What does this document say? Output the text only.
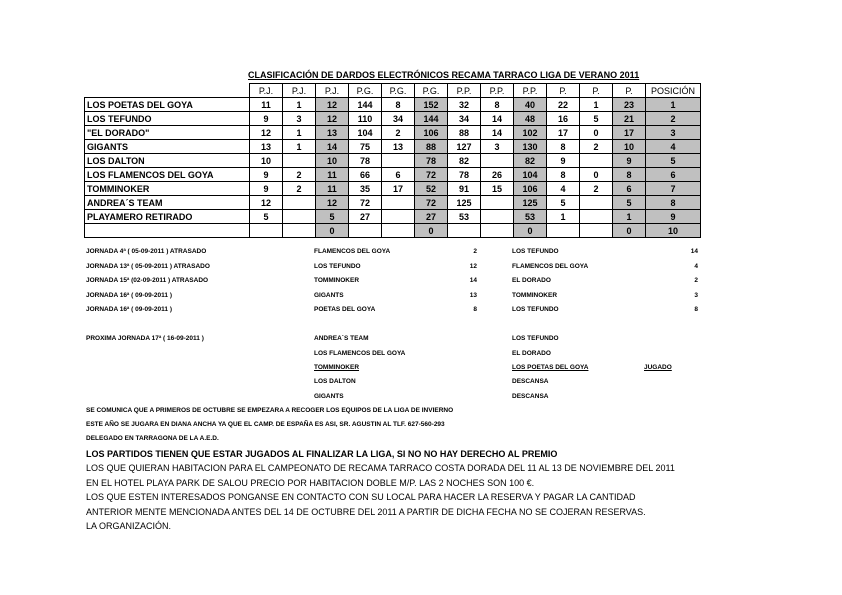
CLASIFICACIÓN DE DARDOS ELECTRÓNICOS RECAMA TARRACO LIGA DE VERANO 2011
	P.J.	P.J.	P.J.	P.G.	P.G.	P.G.	P.P.	P.P.	P.P.	P.	P.	P.	POSICIÓN
LOS POETAS DEL GOYA	11	1	12	144	8	152	32	8	40	22	1	23	1
LOS TEFUNDO	9	3	12	110	34	144	34	14	48	16	5	21	2
"EL DORADO"	12	1	13	104	2	106	88	14	102	17	0	17	3
GIGANTS	13	1	14	75	13	88	127	3	130	8	2	10	4
LOS DALTON	10		10	78		78	82		82	9		9	5
LOS FLAMENCOS DEL GOYA	9	2	11	66	6	72	78	26	104	8	0	8	6
TOMMINOKER	9	2	11	35	17	52	91	15	106	4	2	6	7
ANDREA´S TEAM	12		12	72		72	125		125	5		5	8
PLAYAMERO RETIRADO	5		5	27		27	53		53	1		1	9
			0			0			0			0	10
JORNADA 4ª ( 05-09-2011 ) ATRASADO	FLAMENCOS DEL GOYA	2	LOS TEFUNDO	14
JORNADA 13ª ( 05-09-2011 ) ATRASADO	LOS TEFUNDO	12	FLAMENCOS DEL GOYA	4
JORNADA 15ª (02-09-2011 ) ATRASADO	TOMMINOKER	14	EL DORADO	2
JORNADA 16ª ( 09-09-2011 )	GIGANTS	13	TOMMINOKER	3
JORNADA 16ª ( 09-09-2011 )	POETAS DEL GOYA	8	LOS TEFUNDO	8
PROXIMA JORNADA 17ª ( 16-09-2011 )	ANDREA´S TEAM	LOS TEFUNDO
LOS FLAMENCOS DEL GOYA	EL DORADO
TOMMINOKER	LOS POETAS DEL GOYA	JUGADO
LOS DALTON	DESCANSA
GIGANTS	DESCANSA
SE COMUNICA QUE A PRIMEROS DE OCTUBRE SE EMPEZARA A RECOGER LOS EQUIPOS DE LA LIGA DE INVIERNO
ESTE AÑO SE JUGARA EN DIANA ANCHA YA QUE EL CAMP. DE ESPAÑA ES ASI, SR. AGUSTIN AL TLF. 627-560-293
DELEGADO EN TARRAGONA DE LA A.E.D.
LOS PARTIDOS TIENEN QUE ESTAR JUGADOS AL FINALIZAR LA LIGA, SI NO NO HAY DERECHO AL PREMIO
LOS QUE QUIERAN HABITACION PARA EL CAMPEONATO DE RECAMA TARRACO COSTA DORADA DEL 11 AL 13 DE NOVIEMBRE DEL 2011
EN EL HOTEL PLAYA PARK DE SALOU PRECIO POR HABITACION DOBLE M/P. LAS 2 NOCHES SON 100 €.
LOS QUE ESTEN INTERESADOS PONGANSE EN CONTACTO CON SU LOCAL PARA HACER LA RESERVA Y PAGAR LA CANTIDAD
ANTERIOR MENTE MENCIONADA ANTES DEL 14 DE OCTUBRE DEL 2011 A PARTIR DE DICHA FECHA NO SE COJERAN RESERVAS.
LA ORGANIZACIÓN.
